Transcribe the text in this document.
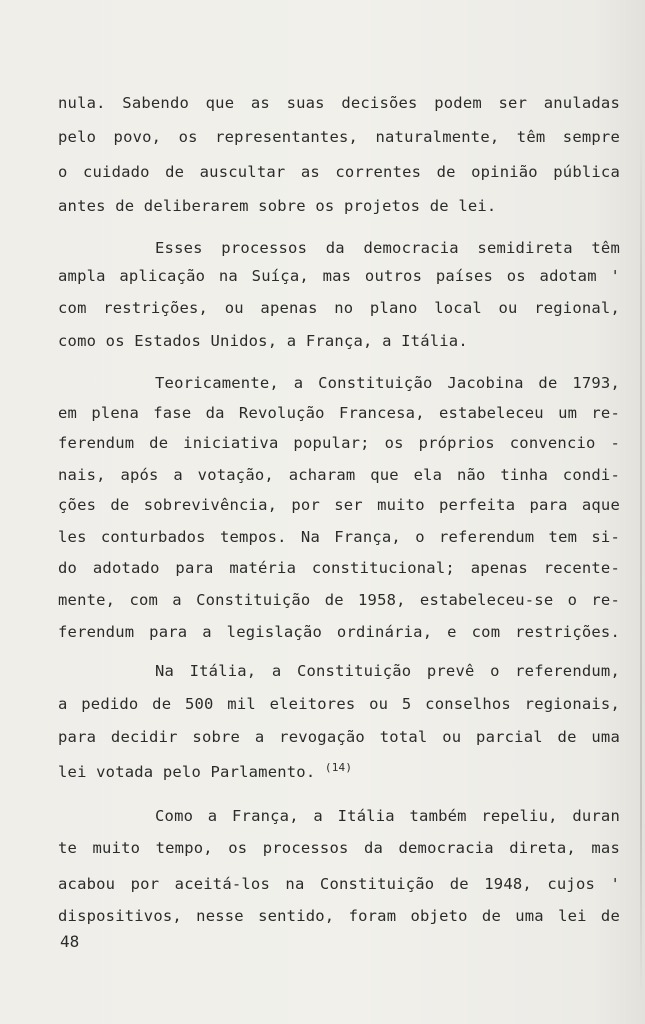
nula. Sabendo que as suas decisões podem ser anuladas
pelo povo, os representantes, naturalmente, têm sempre
o cuidado de auscultar as correntes de opinião pública
antes de deliberarem sobre os projetos de lei.
Esses processos da democracia semidireta têm
ampla aplicação na Suíça, mas outros países os adotam '
com restrições, ou apenas no plano local ou regional,
como os Estados Unidos, a França, a Itália.
Teoricamente, a Constituição Jacobina de 1793,
em plena fase da Revolução Francesa, estabeleceu um re-
ferendum de iniciativa popular; os próprios convencio -
nais, após a votação, acharam que ela não tinha condi-
ções de sobrevivência, por ser muito perfeita para aque
les conturbados tempos. Na França, o referendum tem si-
do adotado para matéria constitucional; apenas recente-
mente, com a Constituição de 1958, estabeleceu-se o re-
ferendum para a legislação ordinária, e com restrições.
Na Itália, a Constituição prevê o referendum,
a pedido de 500 mil eleitores ou 5 conselhos regionais,
para decidir sobre a revogação total ou parcial de uma
lei votada pelo Parlamento. $^{(14)}$
Como a França, a Itália também repeliu, duran
te muito tempo, os processos da democracia direta, mas
acabou por aceitá-los na Constituição de 1948, cujos '
dispositivos, nesse sentido, foram objeto de uma lei de
48
